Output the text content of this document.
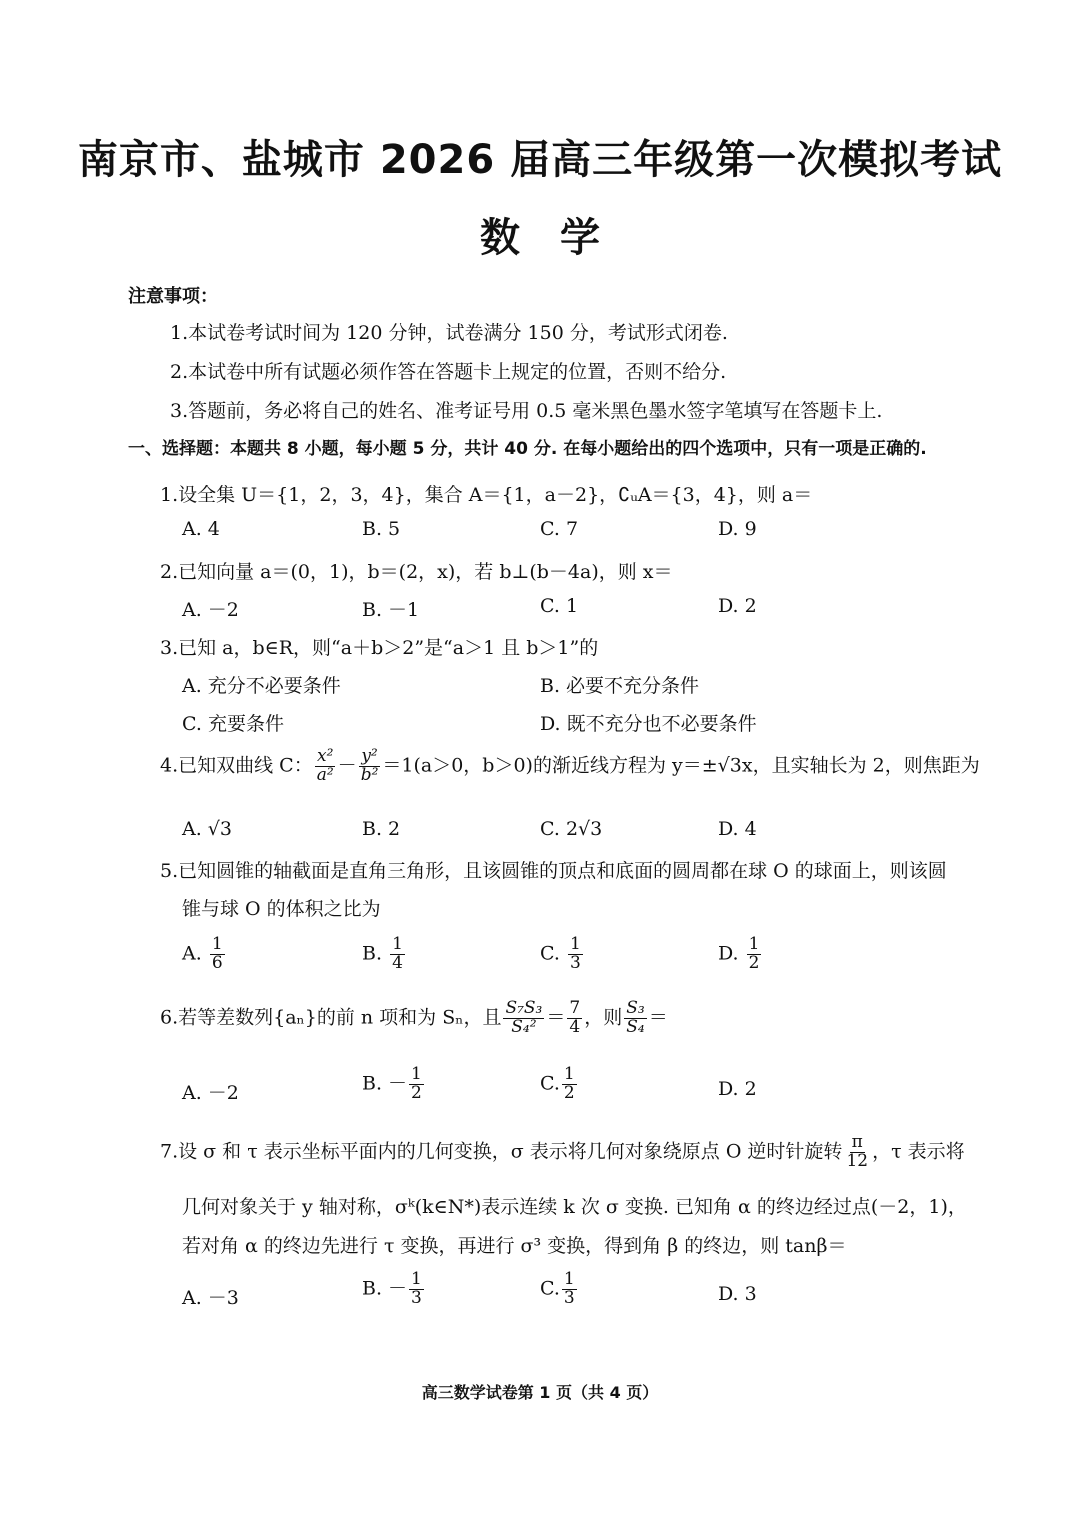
南京市、盐城市 2026 届高三年级第一次模拟考试
数学
注意事项：
1.本试卷考试时间为 120 分钟，试卷满分 150 分，考试形式闭卷.
2.本试卷中所有试题必须作答在答题卡上规定的位置，否则不给分.
3.答题前，务必将自己的姓名、准考证号用 0.5 毫米黑色墨水签字笔填写在答题卡上.
一、选择题：本题共 8 小题，每小题 5 分，共计 40 分. 在每小题给出的四个选项中，只有一项是正确的.
1.设全集 U＝{1，2，3，4}，集合 A＝{1，a－2}，∁ᵤA＝{3，4}，则 a＝
A. 4	B. 5	C. 7	D. 9
2.已知向量 a＝(0，1)，b＝(2，x)，若 b⊥(b－4a)，则 x＝
A. －2	B. －1	C. 1	D. 2
3.已知 a，b∈R，则“a＋b＞2”是“a＞1 且 b＞1”的
A. 充分不必要条件	B. 必要不充分条件
C. 充要条件	D. 既不充分也不必要条件
4.已知双曲线 C： $\frac{\text{x²}}{\text{a²}} - \frac{\text{y²}}{\text{b²}} =1(a>0$，b＞0)的渐近线方程为 y＝±√3x，且实轴长为 2，则焦距为
A. √3	B. 2	C. 2√3	D. 4
5.已知圆锥的轴截面是直角三角形，且该圆锥的顶点和底面的圆周都在球 O 的球面上，则该圆
锥与球 O 的体积之比为
A. $\frac{1}{6}$	B. $\frac{1}{4}$	C. $\frac{1}{3}$	D. $\frac{1}{2}$
6.若等差数列{aₙ}的前 n 项和为 Sₙ，且 $\frac{\text{S₇S₃}}{\text{S₄²}} = \frac{7}{4}$ ，则 $\frac{\text{S₃}}{\text{S₄}}$ ＝
A. －2	B. － $\frac{1}{2}$	C. $\frac{1}{2}$	D. 2
7.设 σ 和 τ 表示坐标平面内的几何变换，σ 表示将几何对象绕原点 O 逆时针旋转 $\frac{\pi}{12}$ ，τ 表示将
几何对象关于 y 轴对称，σᵏ(k∈N*)表示连续 k 次 σ 变换. 已知角 α 的终边经过点(－2，1)，
若对角 α 的终边先进行 τ 变换，再进行 σ³ 变换，得到角 β 的终边，则 tanβ＝
A. －3	B. － $\frac{1}{3}$	C. $\frac{1}{3}$	D. 3
高三数学试卷第 1 页（共 4 页）
